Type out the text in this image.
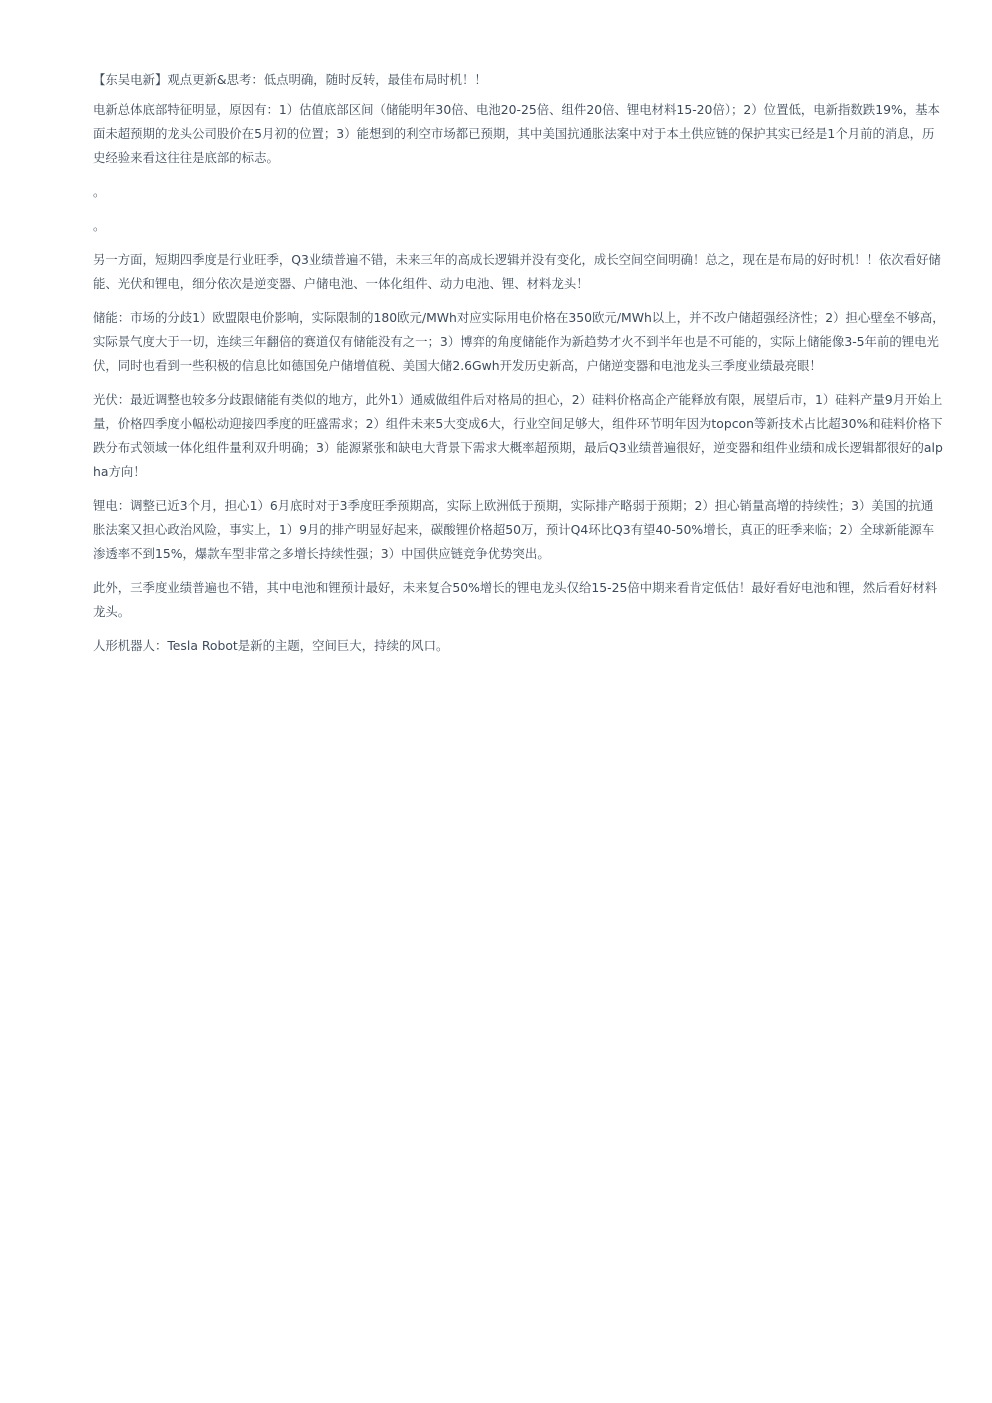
【东吴电新】观点更新&思考：低点明确，随时反转，最佳布局时机！！

电新总体底部特征明显，原因有：1）估值底部区间（储能明年30倍、电池20-25倍、组件20倍、锂电材料15-20倍）；2）位置低，电新指数跌19%，基本面未超预期的龙头公司股价在5月初的位置；3）能想到的利空市场都已预期，其中美国抗通胀法案中对于本土供应链的保护其实已经是1个月前的消息，历史经验来看这往往是底部的标志。

。

。

另一方面，短期四季度是行业旺季，Q3业绩普遍不错，未来三年的高成长逻辑并没有变化，成长空间空间明确！总之，现在是布局的好时机！！依次看好储能、光伏和锂电，细分依次是逆变器、户储电池、一体化组件、动力电池、锂、材料龙头！

储能：市场的分歧1）欧盟限电价影响，实际限制的180欧元/MWh对应实际用电价格在350欧元/MWh以上，并不改户储超强经济性；2）担心壁垒不够高，实际景气度大于一切，连续三年翻倍的赛道仅有储能没有之一；3）博弈的角度储能作为新趋势才火不到半年也是不可能的，实际上储能像3-5年前的锂电光伏，同时也看到一些积极的信息比如德国免户储增值税、美国大储2.6Gwh开发历史新高，户储逆变器和电池龙头三季度业绩最亮眼！

光伏：最近调整也较多分歧跟储能有类似的地方，此外1）通威做组件后对格局的担心，2）硅料价格高企产能释放有限，展望后市，1）硅料产量9月开始上量，价格四季度小幅松动迎接四季度的旺盛需求；2）组件未来5大变成6大，行业空间足够大，组件环节明年因为topcon等新技术占比超30%和硅料价格下跌分布式领域一体化组件量利双升明确；3）能源紧张和缺电大背景下需求大概率超预期，最后Q3业绩普遍很好，逆变器和组件业绩和成长逻辑都很好的alpha方向！

锂电：调整已近3个月，担心1）6月底时对于3季度旺季预期高，实际上欧洲低于预期，实际排产略弱于预期；2）担心销量高增的持续性；3）美国的抗通胀法案又担心政治风险，事实上，1）9月的排产明显好起来，碳酸锂价格超50万，预计Q4环比Q3有望40-50%增长，真正的旺季来临；2）全球新能源车渗透率不到15%，爆款车型非常之多增长持续性强；3）中国供应链竞争优势突出。

此外，三季度业绩普遍也不错，其中电池和锂预计最好，未来复合50%增长的锂电龙头仅给15-25倍中期来看肯定低估！最好看好电池和锂，然后看好材料龙头。

人形机器人：Tesla Robot是新的主题，空间巨大，持续的风口。
